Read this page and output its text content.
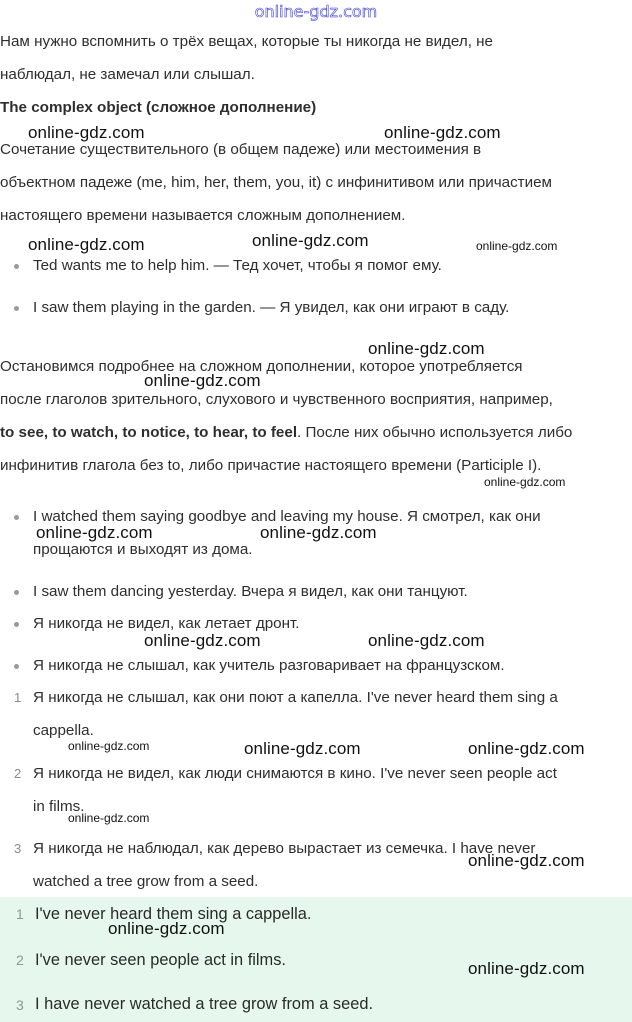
online-gdz.com
Нам нужно вспомнить о трёх вещах, которые ты никогда не видел, не
наблюдал, не замечал или слышал.
The complex object (сложное дополнение)
Сочетание существительного (в общем падеже) или местоимения в
объектном падеже (me, him, her, them, you, it) с инфинитивом или причастием
настоящего времени называется сложным дополнением.
Ted wants me to help him. — Тед хочет, чтобы я помог ему.
I saw them playing in the garden. — Я увидел, как они играют в саду.
Остановимся подробнее на сложном дополнении, которое употребляется
после глаголов зрительного, слухового и чувственного восприятия, например,
to see, to watch, to notice, to hear, to feel. После них обычно используется либо
инфинитив глагола без to, либо причастие настоящего времени (Participle I).
I watched them saying goodbye and leaving my house. Я смотрел, как они
прощаются и выходят из дома.
I saw them dancing yesterday. Вчера я видел, как они танцуют.
Я никогда не видел, как летает дронт.
Я никогда не слышал, как учитель разговаривает на французском.
1 Я никогда не слышал, как они поют а капелла. I've never heard them sing a
cappella.
2 Я никогда не видел, как люди снимаются в кино. I've never seen people act
in films.
3 Я никогда не наблюдал, как дерево вырастает из семечка. I have never
watched a tree grow from a seed.
1 I've never heard them sing a cappella.
2 I've never seen people act in films.
3 I have never watched a tree grow from a seed.
online-gdz.com	online-gdz.com
online-gdz.com	online-gdz.com	online-gdz.com
online-gdz.com
online-gdz.com
online-gdz.com
online-gdz.com	online-gdz.com
online-gdz.com	online-gdz.com
online-gdz.com	online-gdz.com	online-gdz.com
online-gdz.com
online-gdz.com
online-gdz.com
online-gdz.com
